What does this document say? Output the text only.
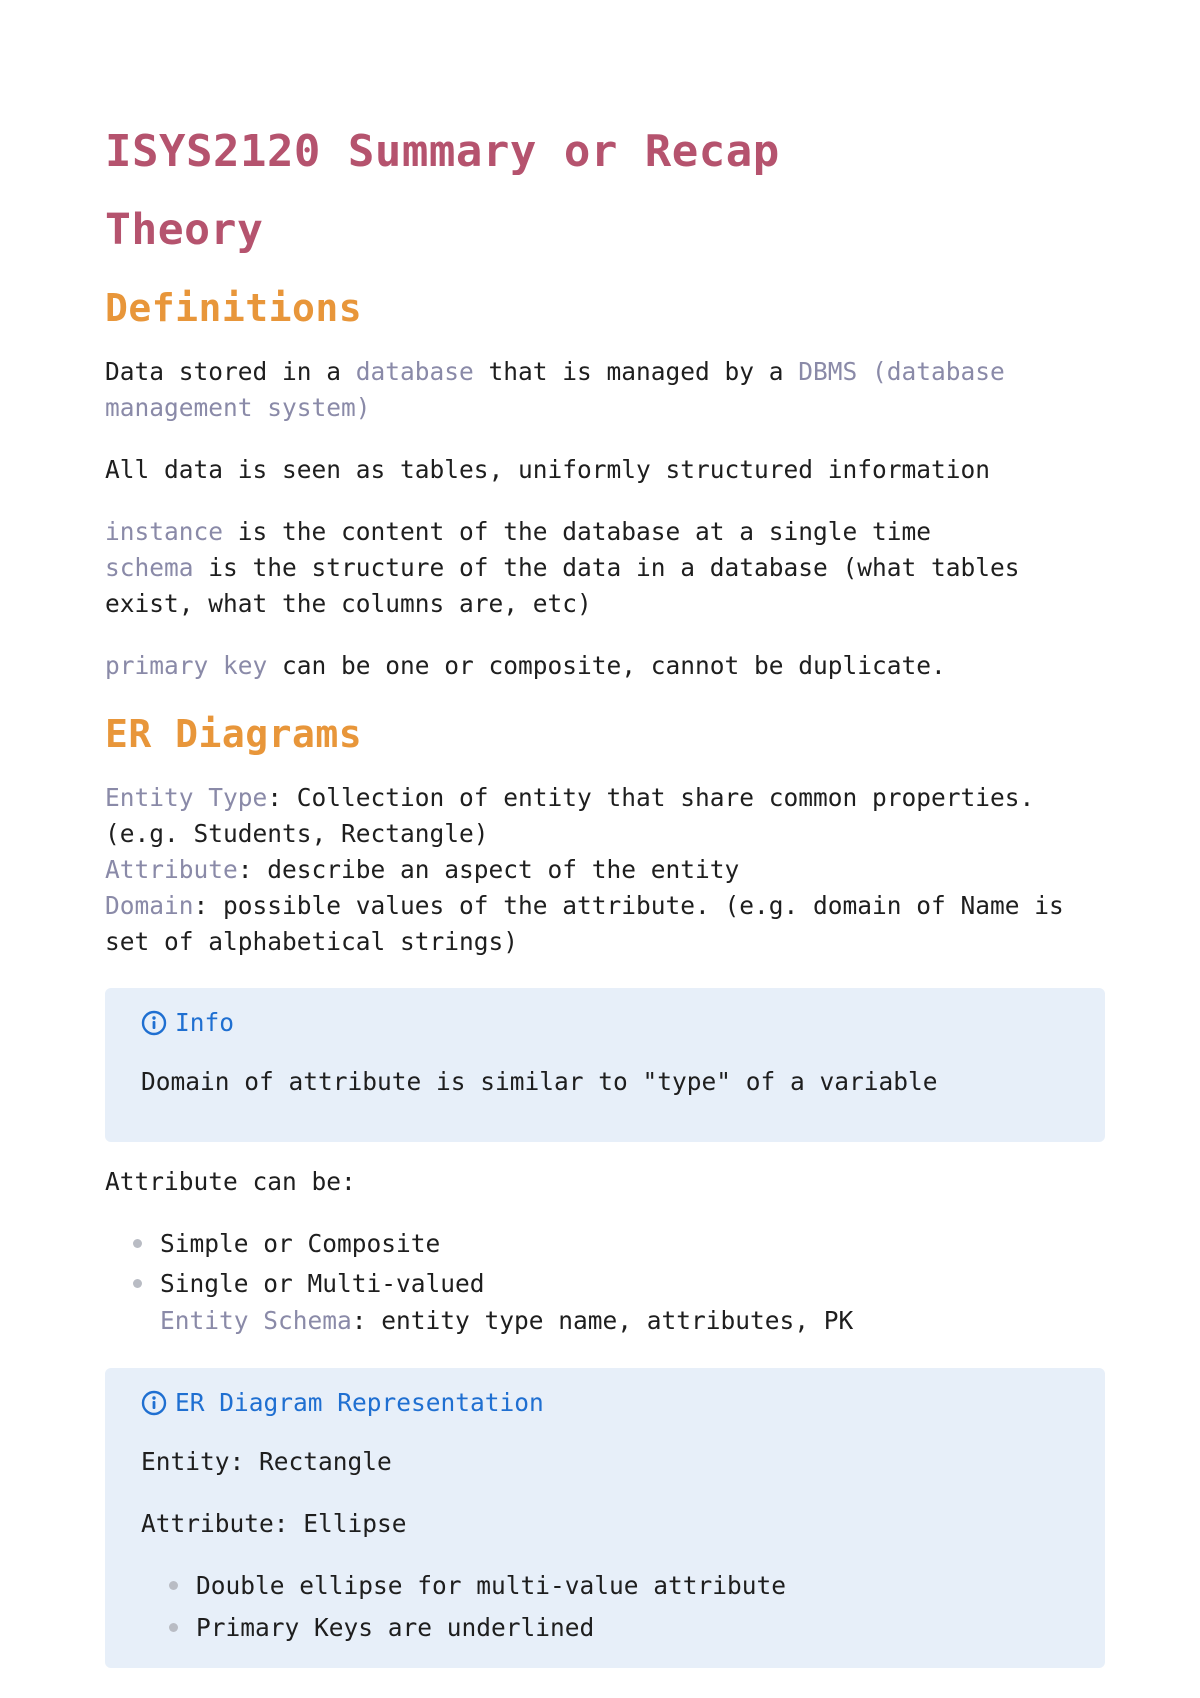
ISYS2120 Summary or Recap
Theory
Definitions

Data stored in a database that is managed by a DBMS (database
management system)

All data is seen as tables, uniformly structured information

instance is the content of the database at a single time
schema is the structure of the data in a database (what tables
exist, what the columns are, etc)

primary key can be one or composite, cannot be duplicate.

ER Diagrams

Entity Type: Collection of entity that share common properties.
(e.g. Students, Rectangle)
Attribute: describe an aspect of the entity
Domain: possible values of the attribute. (e.g. domain of Name is
set of alphabetical strings)

Info
Domain of attribute is similar to "type" of a variable

Attribute can be:

Simple or Composite
Single or Multi-valued
Entity Schema: entity type name, attributes, PK
ER Diagram Representation
Entity: Rectangle
Attribute: Ellipse
Double ellipse for multi-value attribute
Primary Keys are underlined
